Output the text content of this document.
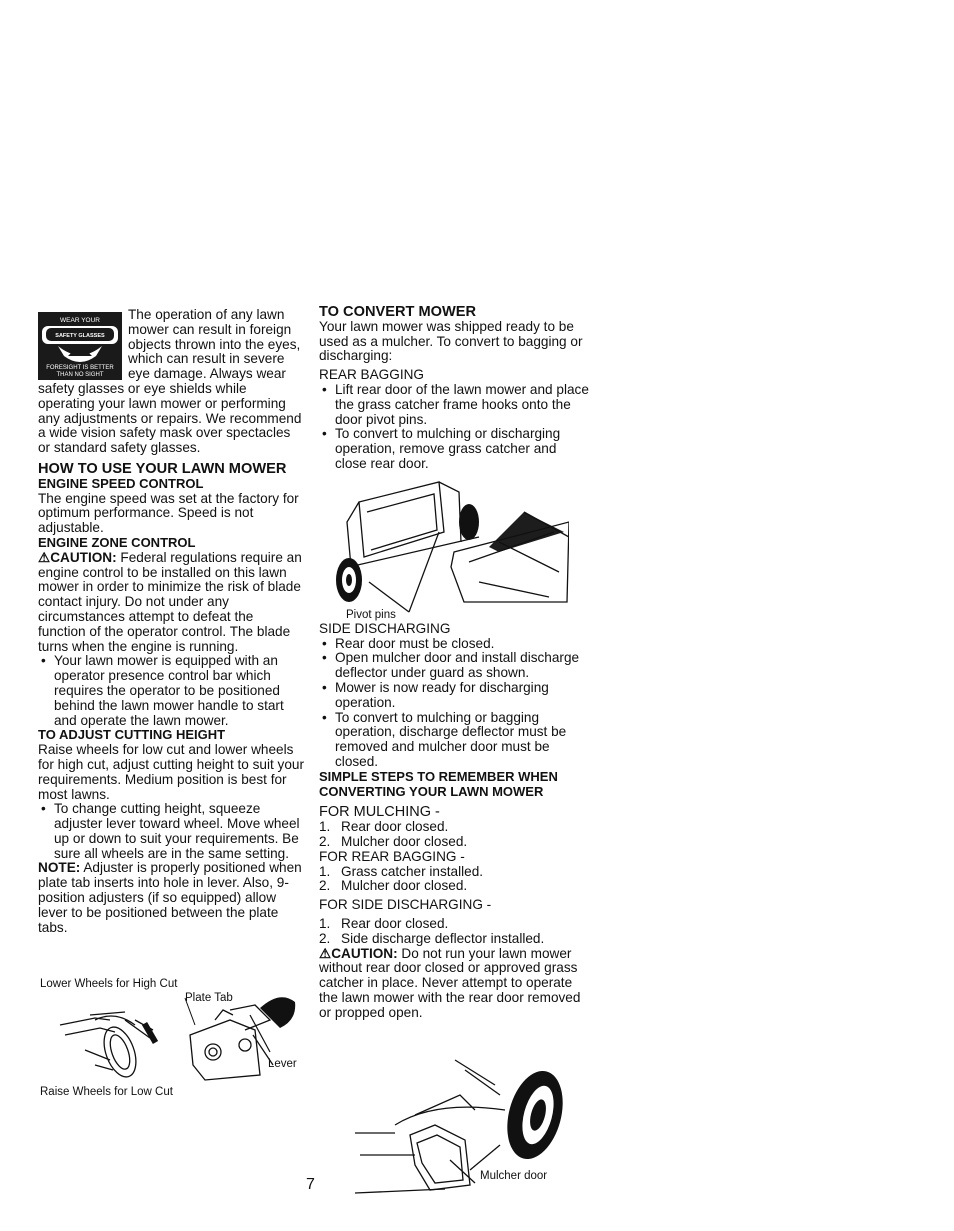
WEAR YOUR
SAFETY GLASSES
FORESIGHT IS BETTER
THAN NO SIGHT

The operation of any lawn mower can result in foreign objects thrown into the eyes, which can result in severe eye damage. Always wear safety glasses or eye shields while operating your lawn mower or performing any adjustments or repairs. We recommend a wide vision safety mask over spectacles or standard safety glasses.

HOW TO USE YOUR LAWN MOWER

ENGINE SPEED CONTROL

The engine speed was set at the factory for optimum performance. Speed is not adjustable.

ENGINE ZONE CONTROL

⚠CAUTION: Federal regulations require an engine control to be installed on this lawn mower in order to minimize the risk of blade contact injury. Do not under any circumstances attempt to defeat the function of the operator control. The blade turns when the engine is running.

• Your lawn mower is equipped with an operator presence control bar which requires the operator to be positioned behind the lawn mower handle to start and operate the lawn mower.

TO ADJUST CUTTING HEIGHT

Raise wheels for low cut and lower wheels for high cut, adjust cutting height to suit your requirements. Medium position is best for most lawns.

• To change cutting height, squeeze adjuster lever toward wheel. Move wheel up or down to suit your requirements. Be sure all wheels are in the same setting.

NOTE: Adjuster is properly positioned when plate tab inserts into hole in lever. Also, 9-position adjusters (if so equipped) allow lever to be positioned between the plate tabs.

Lower Wheels for High Cut
Plate Tab
Lever
Raise Wheels for Low Cut

TO CONVERT MOWER

Your lawn mower was shipped ready to be used as a mulcher. To convert to bagging or discharging:

REAR BAGGING

• Lift rear door of the lawn mower and place the grass catcher frame hooks onto the door pivot pins.
• To convert to mulching or discharging operation, remove grass catcher and close rear door.
Pivot pins

SIDE DISCHARGING

• Rear door must be closed.
• Open mulcher door and install discharge deflector under guard as shown.
• Mower is now ready for discharging operation.
• To convert to mulching or bagging operation, discharge deflector must be removed and mulcher door must be closed.

SIMPLE STEPS TO REMEMBER WHEN CONVERTING YOUR LAWN MOWER

FOR MULCHING -

1. Rear door closed.
2. Mulcher door closed.

FOR REAR BAGGING -

1. Grass catcher installed.
2. Mulcher door closed.

FOR SIDE DISCHARGING -

1. Rear door closed.
2. Side discharge deflector installed.

⚠CAUTION: Do not run your lawn mower without rear door closed or approved grass catcher in place. Never attempt to operate the lawn mower with the rear door removed or propped open.

Mulcher door
7
